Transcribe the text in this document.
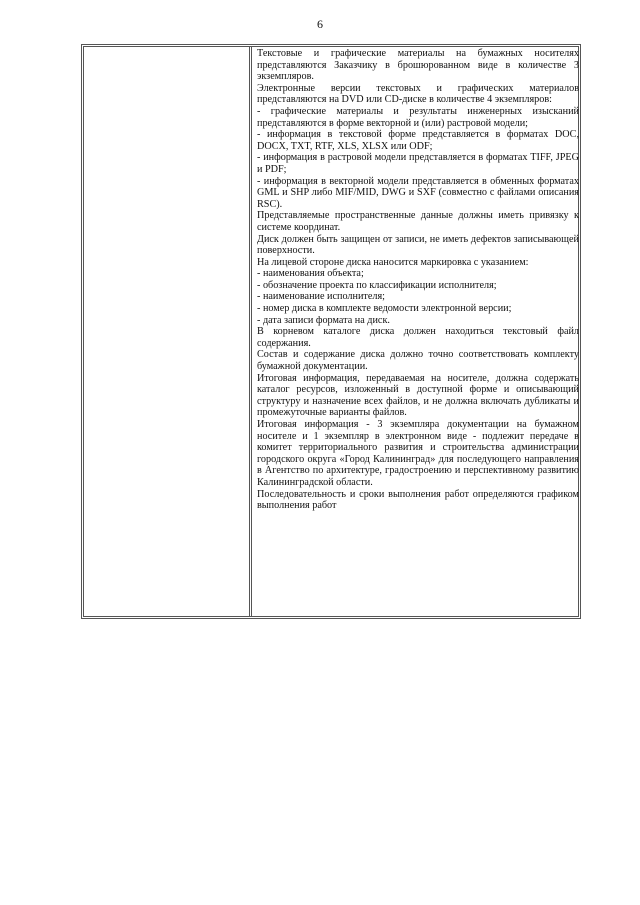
6

Текстовые и графические материалы на бумажных носителях представляются Заказчику в брошюрованном виде в количестве 3 экземпляров.

Электронные версии текстовых и графических материалов представляются на DVD или CD-диске в количестве 4 экземпляров:

- графические материалы и результаты инженерных изысканий представляются в форме векторной и (или) растровой модели;

- информация в текстовой форме представляется в форматах DOC, DOCX, TXT, RTF, XLS, XLSX или ODF;

- информация в растровой модели представляется в форматах TIFF, JPEG и PDF;

- информация в векторной модели представляется в обменных форматах GML и SHP либо MIF/MID, DWG и SXF (совместно с файлами описания RSC).

Представляемые пространственные данные должны иметь привязку к системе координат.

Диск должен быть защищен от записи, не иметь дефектов записывающей поверхности.

На лицевой стороне диска наносится маркировка с указанием:

- наименования объекта;

- обозначение проекта по классификации исполнителя;

- наименование исполнителя;

- номер диска в комплекте ведомости электронной версии;

- дата записи формата на диск.

В корневом каталоге диска должен находиться текстовый файл содержания.

Состав и содержание диска должно точно соответствовать комплекту бумажной документации.

Итоговая информация, передаваемая на носителе, должна содержать каталог ресурсов, изложенный в доступной форме и описывающий структуру и назначение всех файлов, и не должна включать дубликаты и промежуточные варианты файлов.

Итоговая информация - 3 экземпляра документации на бумажном носителе и 1 экземпляр в электронном виде - подлежит передаче в комитет территориального развития и строительства администрации городского округа «Город Калининград» для последующего направления в Агентство по архитектуре, градостроению и перспективному развитию Калининградской области.

Последовательность и сроки выполнения работ определяются графиком выполнения работ
